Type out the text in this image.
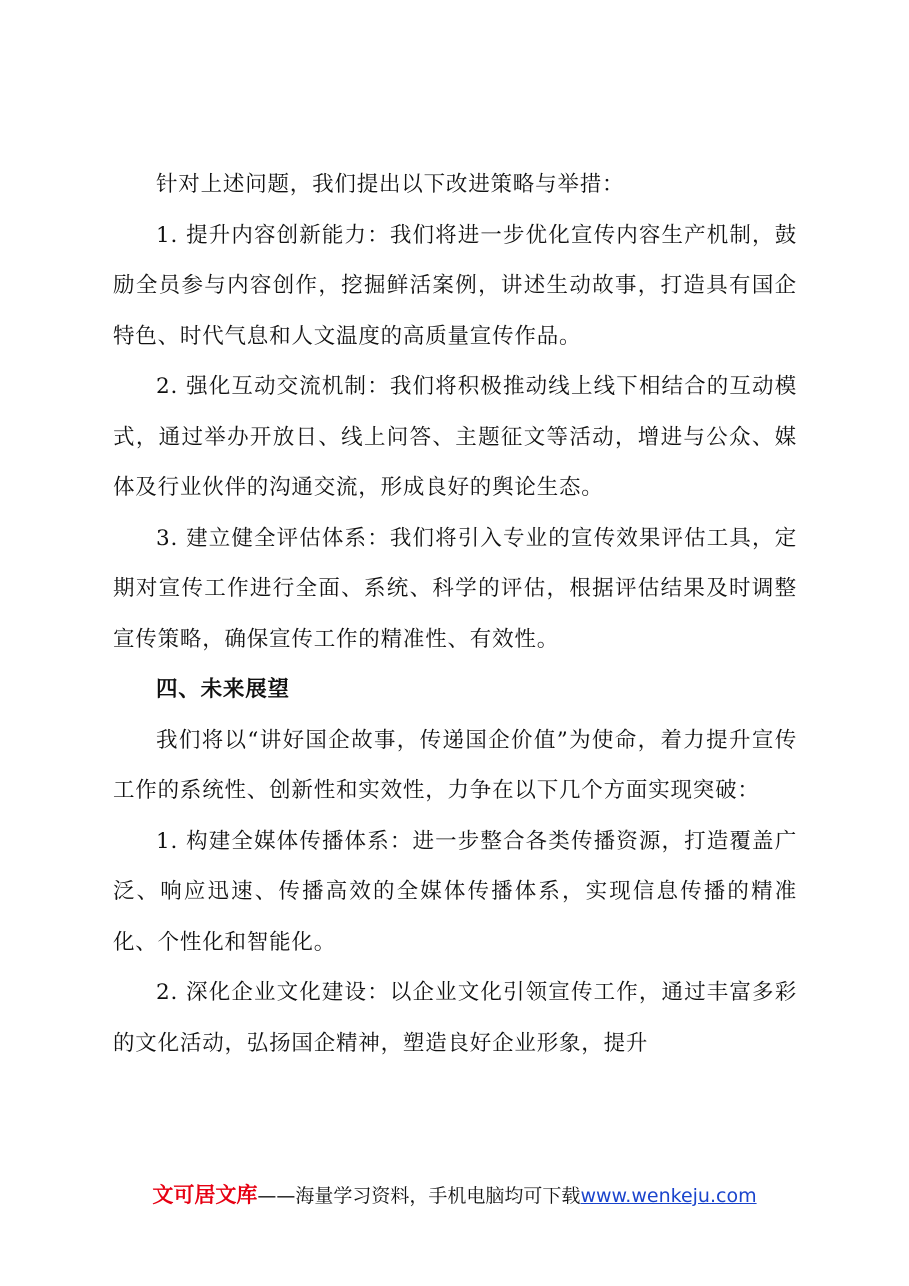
针对上述问题，我们提出以下改进策略与举措：

1. 提升内容创新能力：我们将进一步优化宣传内容生产机制，鼓励全员参与内容创作，挖掘鲜活案例，讲述生动故事，打造具有国企特色、时代气息和人文温度的高质量宣传作品。

2. 强化互动交流机制：我们将积极推动线上线下相结合的互动模式，通过举办开放日、线上问答、主题征文等活动，增进与公众、媒体及行业伙伴的沟通交流，形成良好的舆论生态。

3. 建立健全评估体系：我们将引入专业的宣传效果评估工具，定期对宣传工作进行全面、系统、科学的评估，根据评估结果及时调整宣传策略，确保宣传工作的精准性、有效性。

四、未来展望

我们将以“讲好国企故事，传递国企价值”为使命，着力提升宣传工作的系统性、创新性和实效性，力争在以下几个方面实现突破：

1. 构建全媒体传播体系：进一步整合各类传播资源，打造覆盖广泛、响应迅速、传播高效的全媒体传播体系，实现信息传播的精准化、个性化和智能化。

2. 深化企业文化建设：以企业文化引领宣传工作，通过丰富多彩的文化活动，弘扬国企精神，塑造良好企业形象，提升

文可居文库——海量学习资料，手机电脑均可下载www.wenkeju.com
